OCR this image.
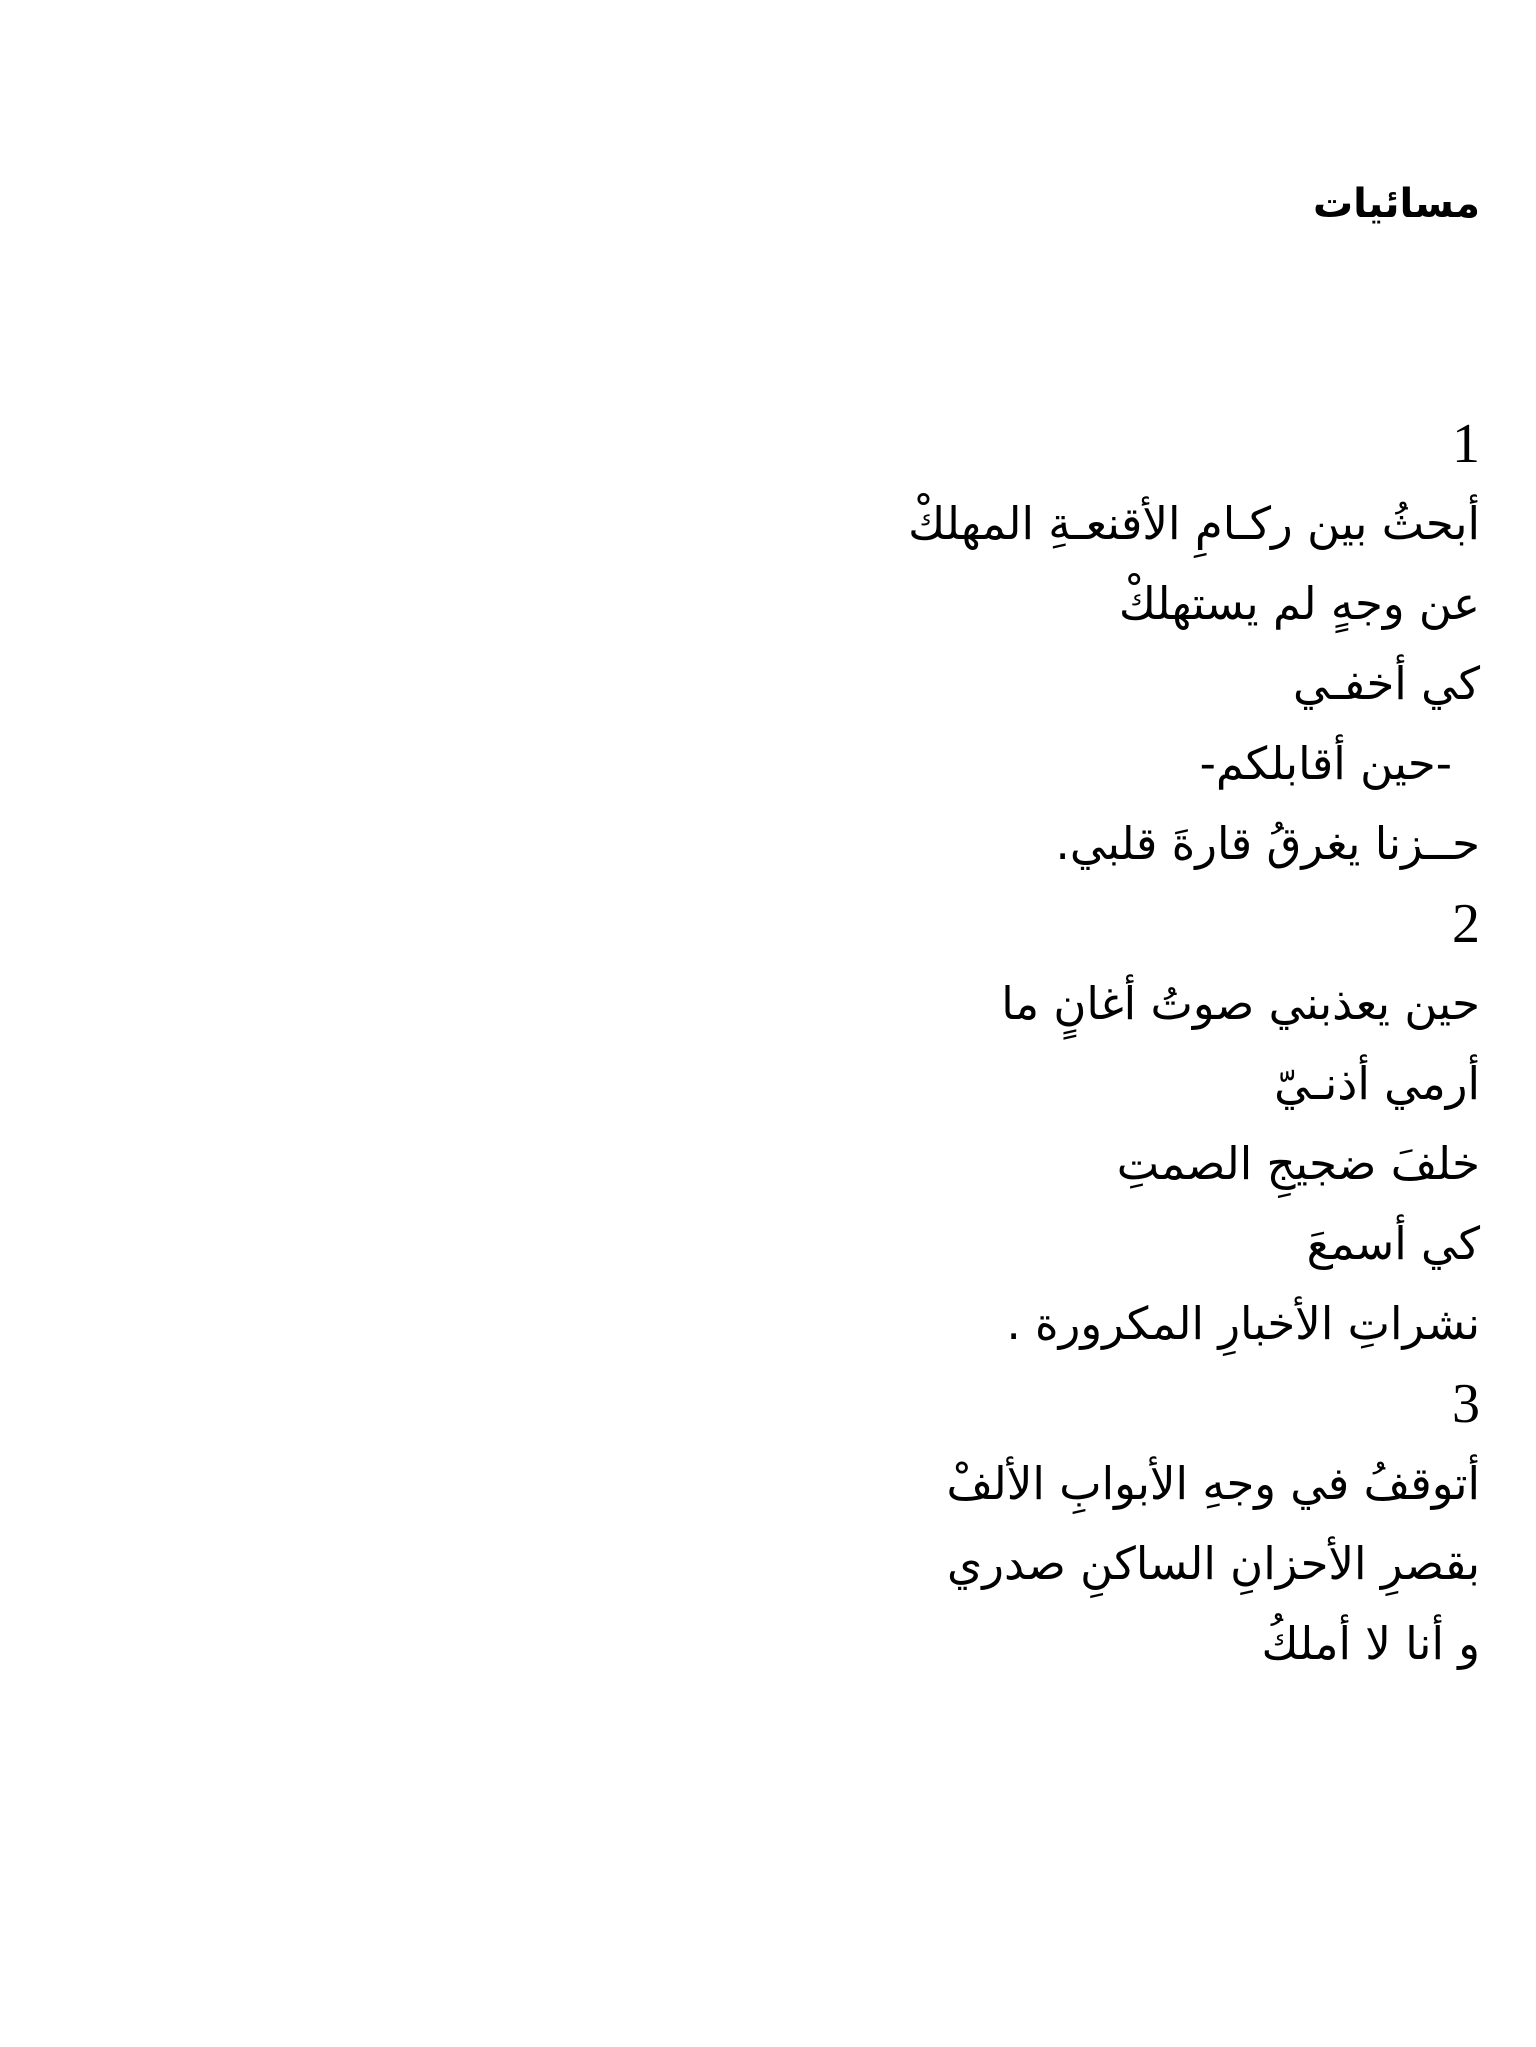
مسائيات
1
أبحثُ بين ركـامِ الأقنعـةِ المهلكْ
عن وجهٍ لم يستهلكْ
كي أخفـي
-حين أقابلكم-
حــزنا يغرقُ قارةَ قلبي.
2
حين يعذبني صوتُ أغانٍ ما
أرمي أذنـيّ
خلفَ ضجيجِ الصمتِ
كي أسمعَ
نشراتِ الأخبارِ المكرورة .
3
أتوقفُ في وجهِ الأبوابِ الألفْ
بقصرِ الأحزانِ الساكنِ صدري
و أنا لا أملكُ
